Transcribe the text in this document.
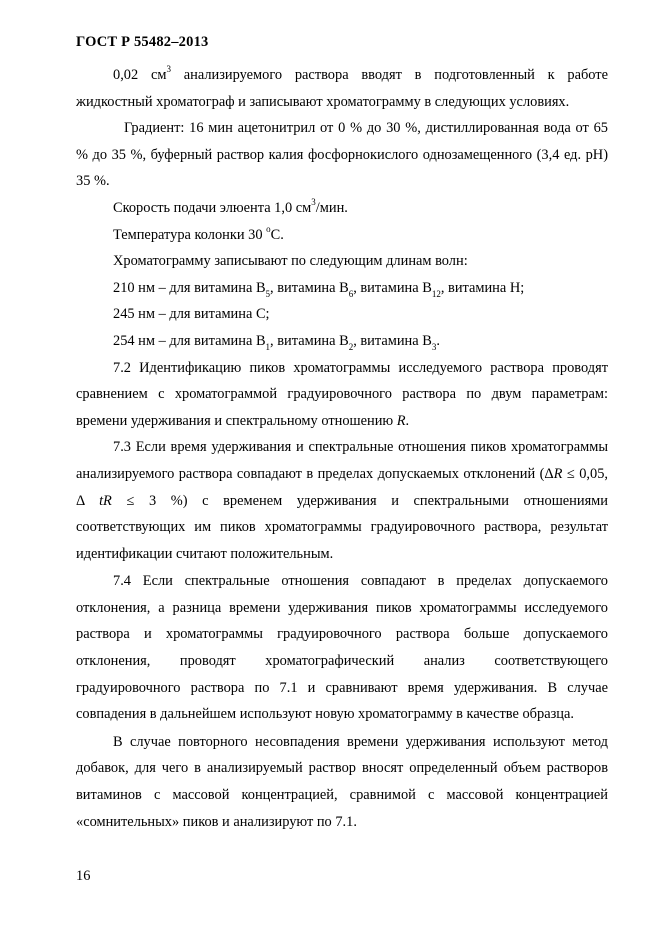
ГОСТ Р 55482–2013

0,02 $см^3$ анализируемого раствора вводят в подготовленный к работе жидкостный хроматограф и записывают хроматограмму в следующих условиях.

Градиент: 16 мин ацетонитрил от 0 % до 30 %, дистиллированная вода от 65 % до 35 %, буферный раствор калия фосфорнокислого однозамещенного (3,4 ед. рН) 35 %.

Скорость подачи элюента 1,0 $см^3$/мин.

Температура колонки 30 $^о$С.

Хроматограмму записывают по следующим длинам волн:

210 нм – для витамина $В_5$, витамина $В_6$, витамина $В_{12}$, витамина Н;

245 нм – для витамина С;

254 нм – для витамина $В_1$, витамина $В_2$, витамина $В_3$.

7.2 Идентификацию пиков хроматограммы исследуемого раствора проводят сравнением с хроматограммой градуировочного раствора по двум параметрам: времени удерживания и спектральному отношению R.

7.3 Если время удерживания и спектральные отношения пиков хроматограммы анализируемого раствора совпадают в пределах допускаемых отклонений (ΔR ≤ 0,05, Δ tR ≤ 3 %) с временем удерживания и спектральными отношениями соответствующих им пиков хроматограммы градуировочного раствора, результат идентификации считают положительным.

7.4 Если спектральные отношения совпадают в пределах допускаемого отклонения, а разница времени удерживания пиков хроматограммы исследуемого раствора и хроматограммы градуировочного раствора больше допускаемого отклонения, проводят хроматографический анализ соответствующего градуировочного раствора по 7.1 и сравнивают время удерживания. В случае совпадения в дальнейшем используют новую хроматограмму в качестве образца.

В случае повторного несовпадения времени удерживания используют метод добавок, для чего в анализируемый раствор вносят определенный объем растворов витаминов с массовой концентрацией, сравнимой с массовой концентрацией «сомнительных» пиков и анализируют по 7.1.

16
